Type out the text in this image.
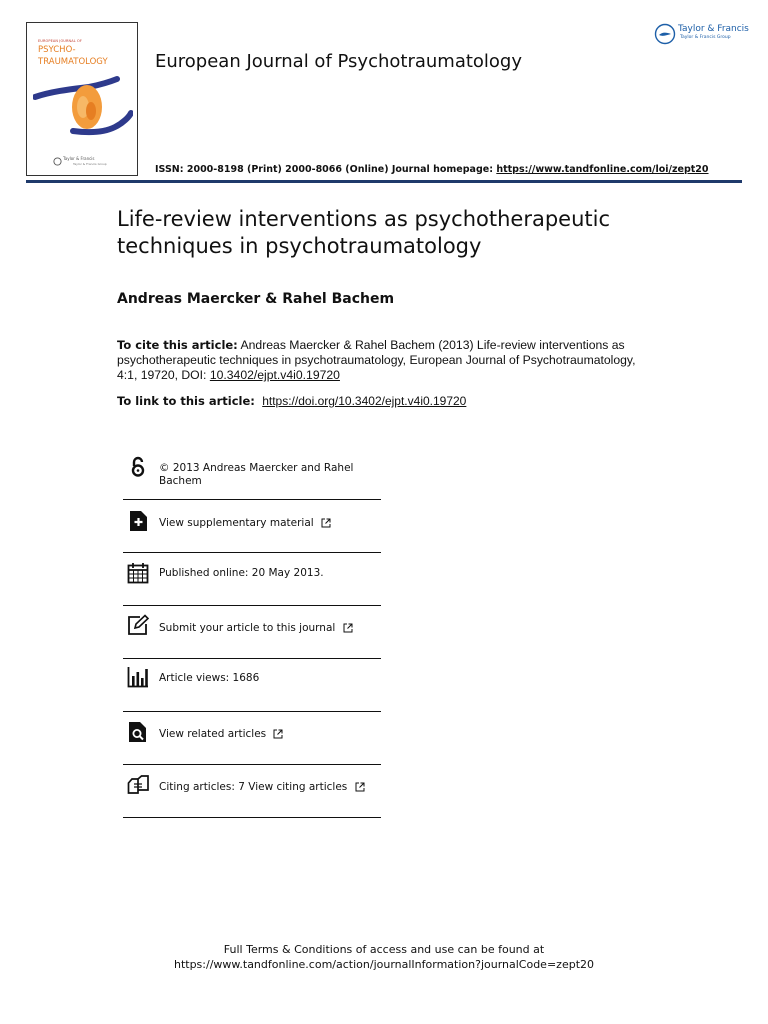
EUROPEAN JOURNAL OF
PSYCHO-
TRAUMATOLOGY
Taylor & Francis
Taylor & Francis Group
European Journal of Psychotraumatology
Taylor & Francis
Taylor & Francis Group
ISSN: 2000-8198 (Print) 2000-8066 (Online) Journal homepage: https://www.tandfonline.com/loi/zept20
Life-review interventions as psychotherapeutic techniques in psychotraumatology
Andreas Maercker & Rahel Bachem
To cite this article: Andreas Maercker & Rahel Bachem (2013) Life-review interventions as psychotherapeutic techniques in psychotraumatology, European Journal of Psychotraumatology, 4:1, 19720, DOI: 10.3402/ejpt.v4i0.19720
To link to this article: https://doi.org/10.3402/ejpt.v4i0.19720
© 2013 Andreas Maercker and Rahel Bachem
View supplementary material
Published online: 20 May 2013.
Submit your article to this journal
Article views: 1686
View related articles
Citing articles: 7 View citing articles
Full Terms & Conditions of access and use can be found at
https://www.tandfonline.com/action/journalInformation?journalCode=zept20
